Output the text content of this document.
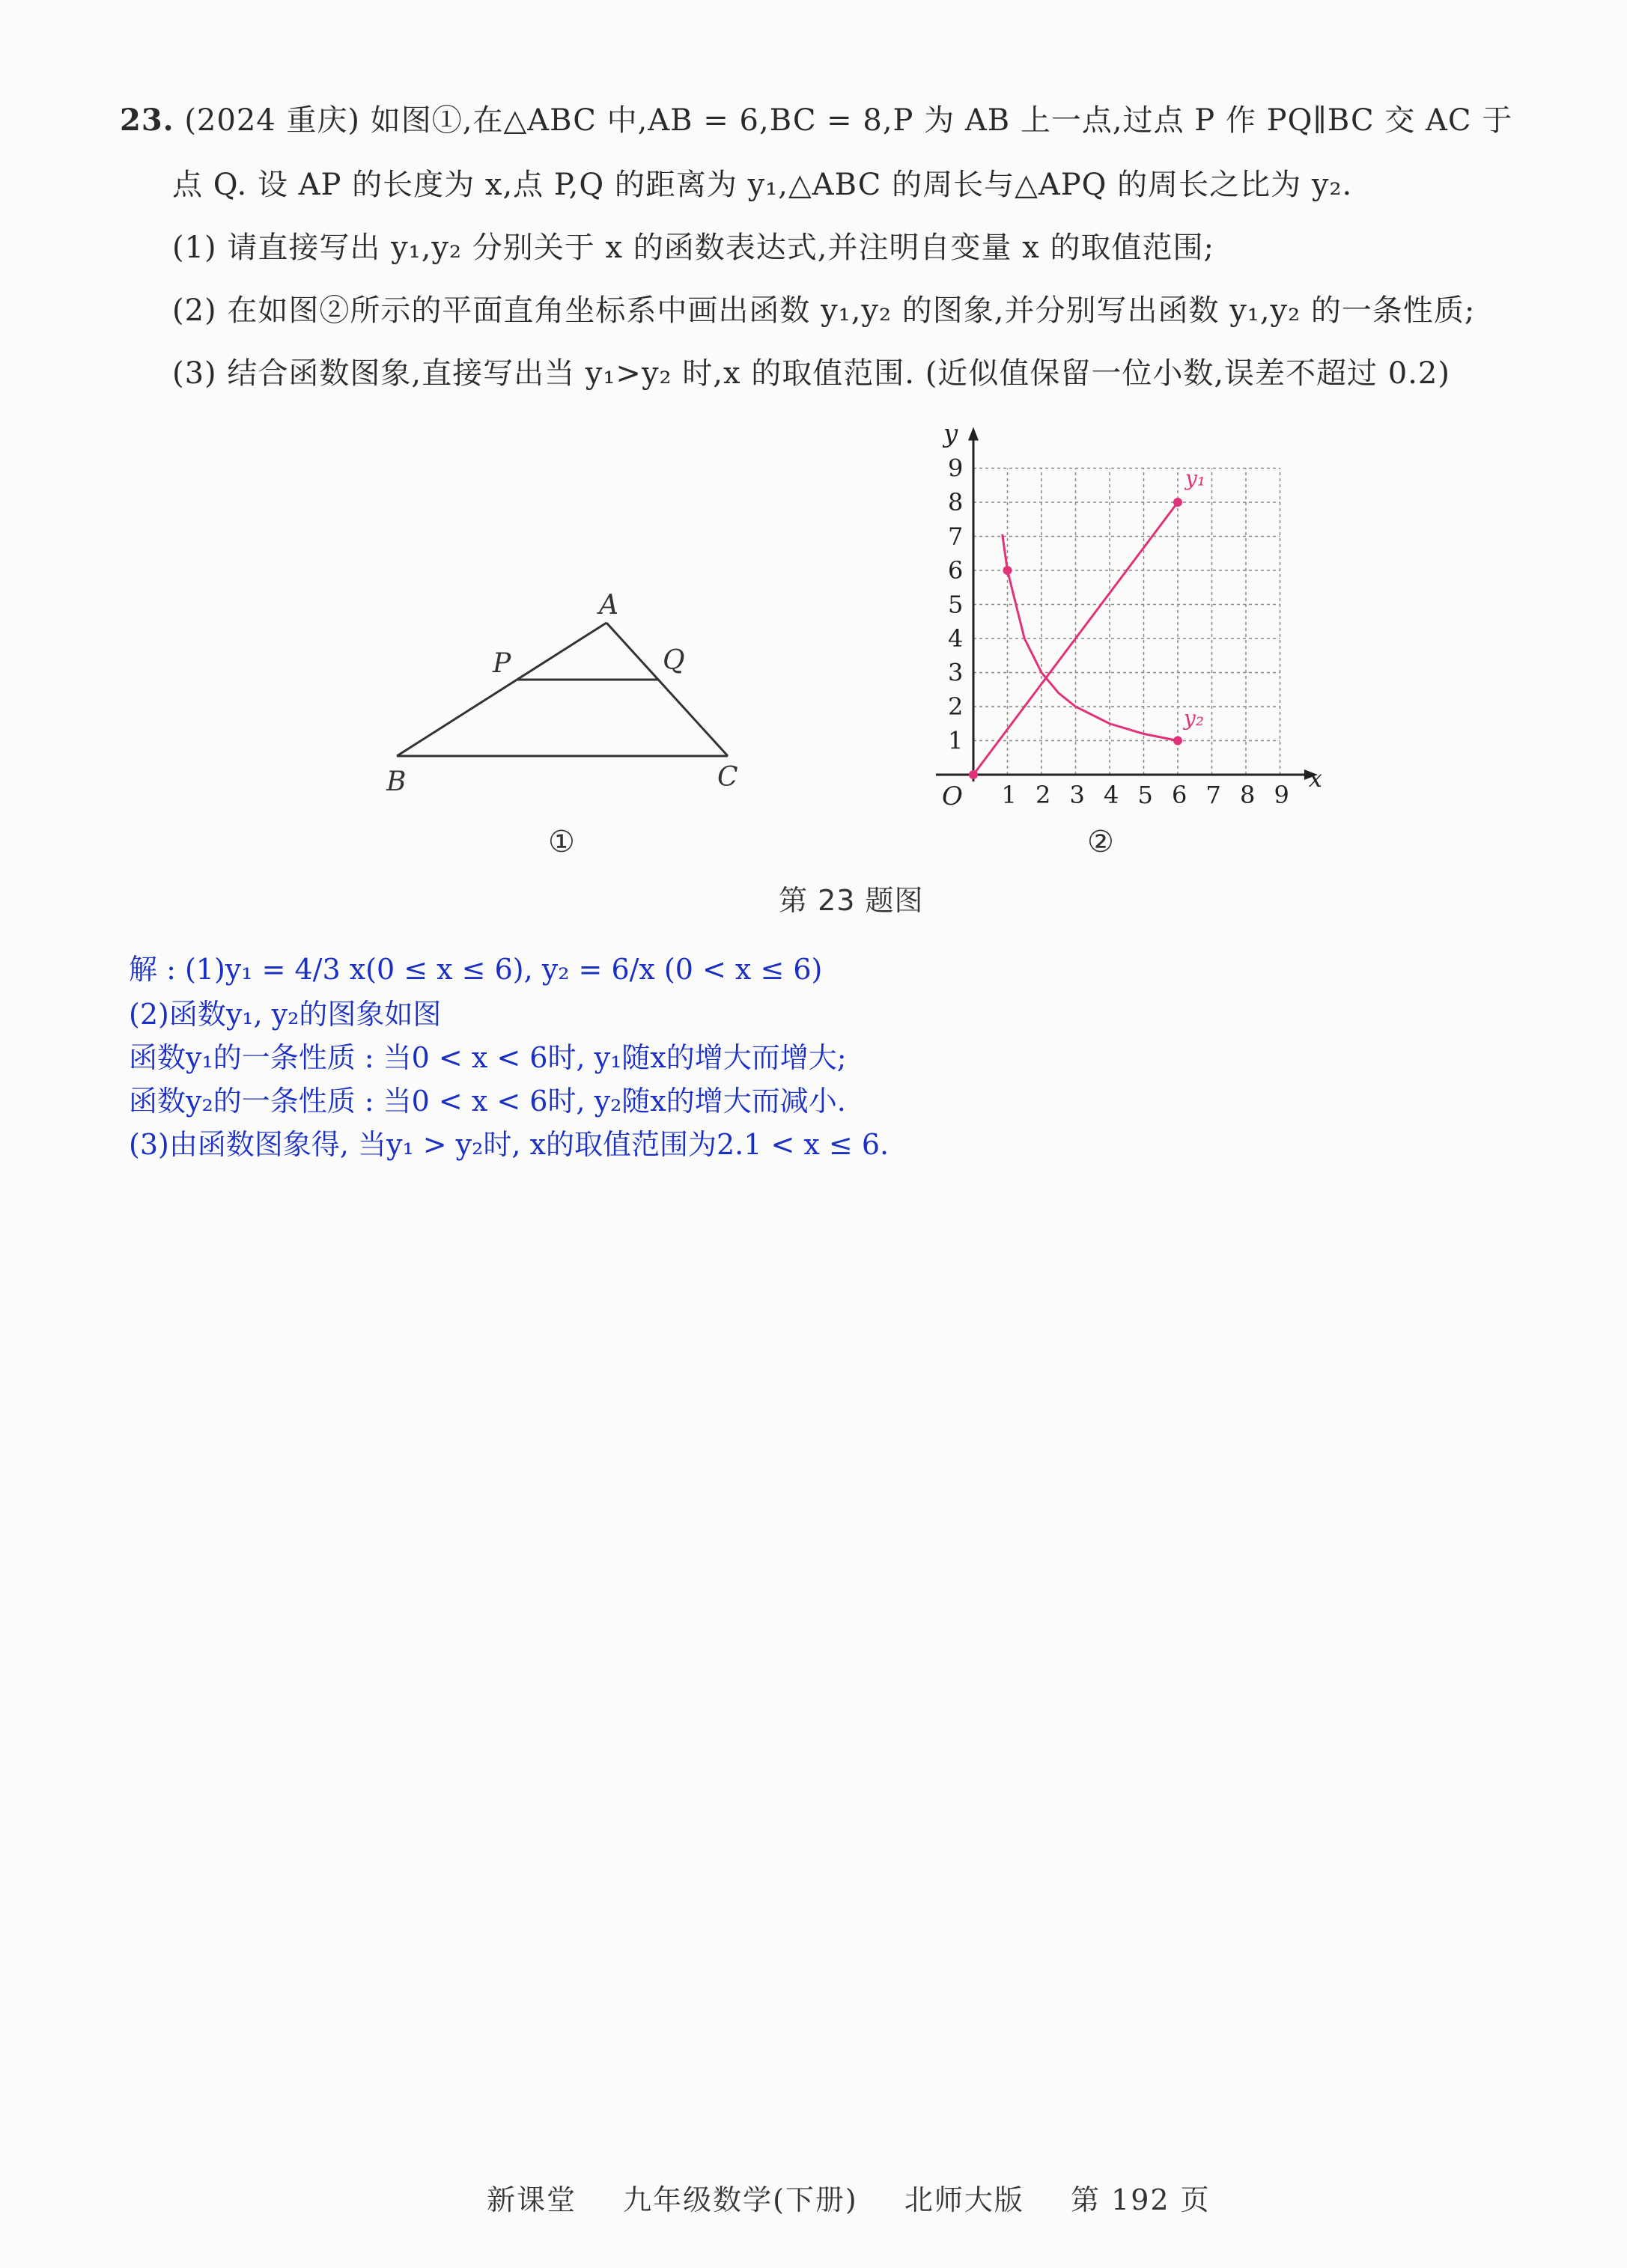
23. (2024 重庆) 如图①,在△ABC 中,AB = 6,BC = 8,P 为 AB 上一点,过点 P 作 PQ∥BC 交 AC 于
点 Q. 设 AP 的长度为 x,点 P,Q 的距离为 y₁,△ABC 的周长与△APQ 的周长之比为 y₂.
(1) 请直接写出 y₁,y₂ 分别关于 x 的函数表达式,并注明自变量 x 的取值范围;
(2) 在如图②所示的平面直角坐标系中画出函数 y₁,y₂ 的图象,并分别写出函数 y₁,y₂ 的一条性质;
(3) 结合函数图象,直接写出当 y₁>y₂ 时,x 的取值范围. (近似值保留一位小数,误差不超过 0.2)
A
P	Q
B	C
①
1 2 3 4 5 6 7 8 9
1
2
3
4
5
6
7
8
9
O
x
y
y₁
y₂
②
第 23 题图
解 : (1)y₁ = 4/3 x(0 ≤ x ≤ 6), y₂ = 6/x (0 < x ≤ 6)
(2)函数y₁, y₂的图象如图
函数y₁的一条性质 : 当0 < x < 6时, y₁随x的增大而增大;
函数y₂的一条性质 : 当0 < x < 6时, y₂随x的增大而减小.
(3)由函数图象得, 当y₁ > y₂时, x的取值范围为2.1 < x ≤ 6.
新课堂 九年级数学(下册) 北师大版 第 192 页
